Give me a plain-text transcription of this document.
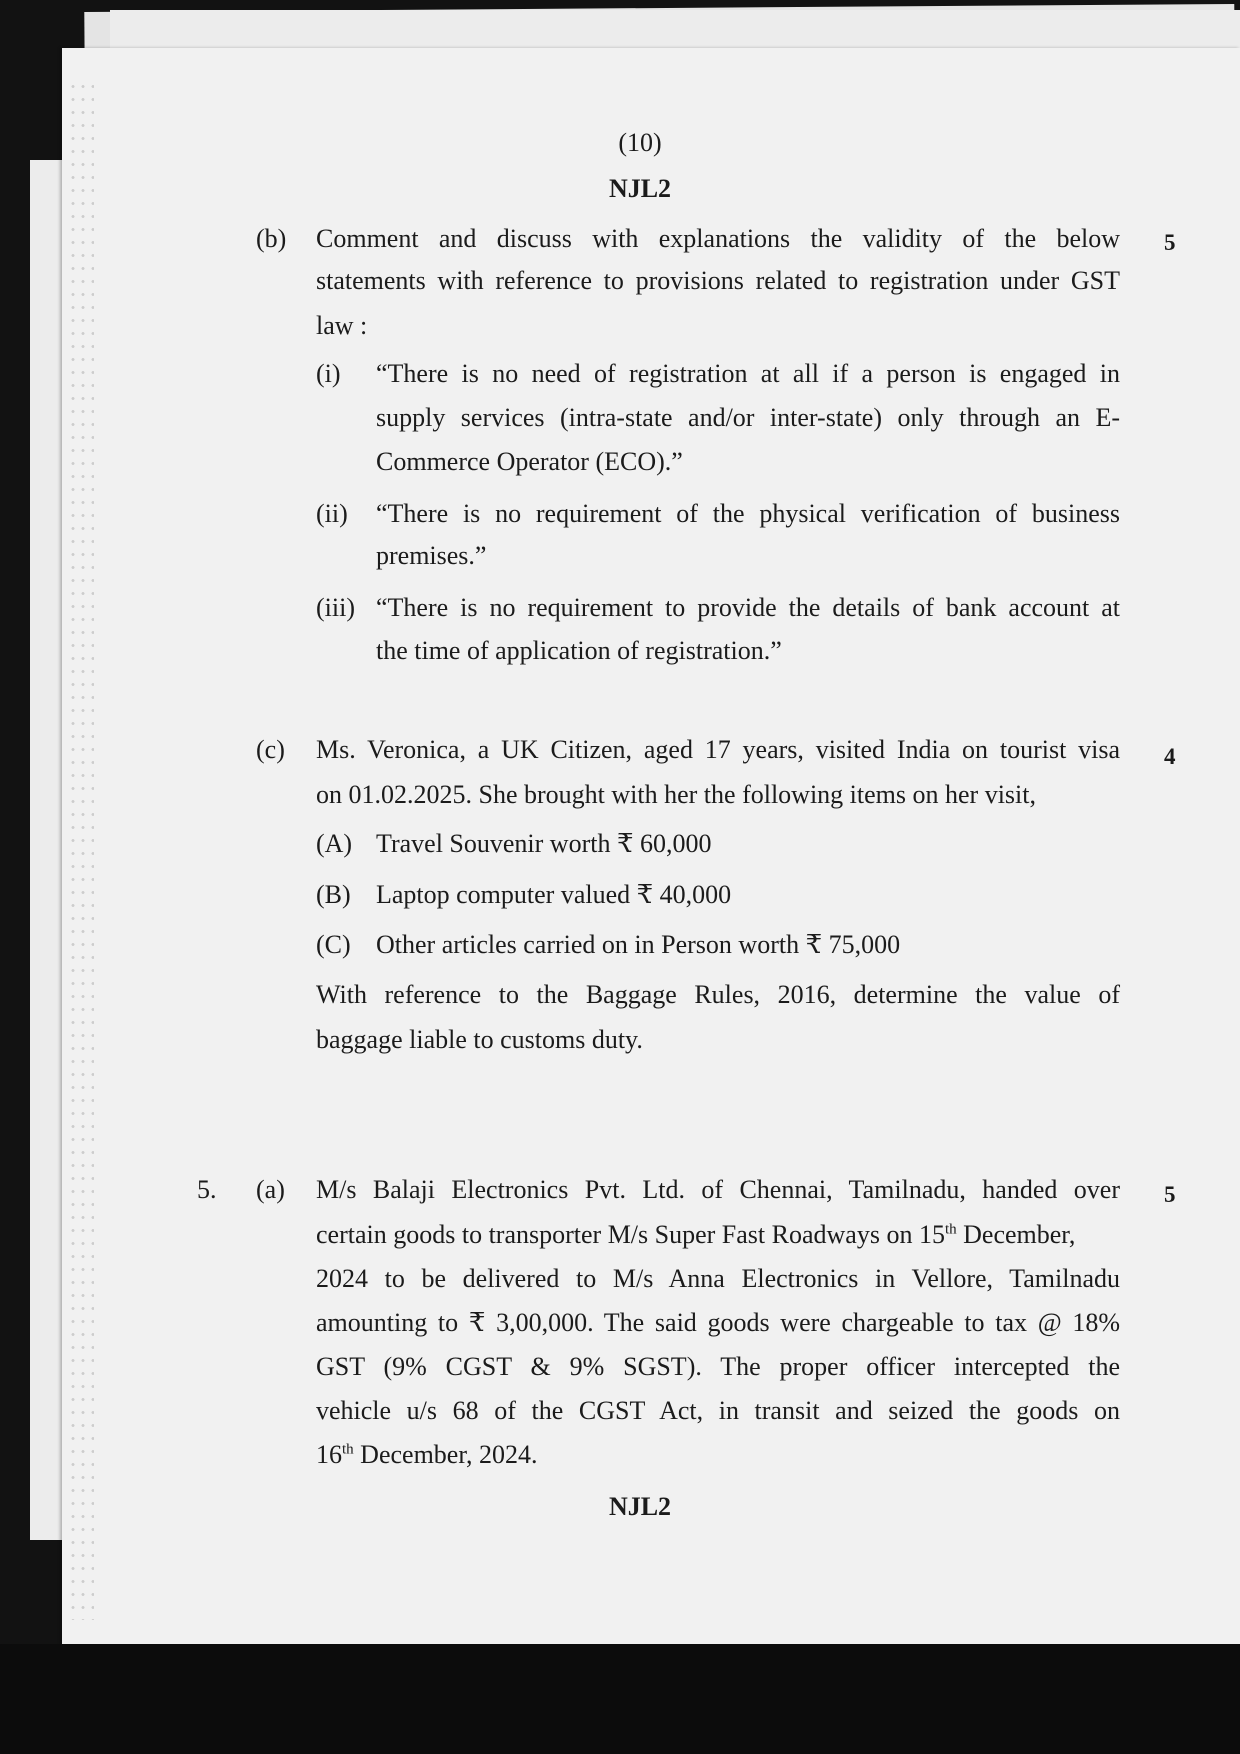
(10)
NJL2
(b) Comment and discuss with explanations the validity of the below 5
statements with reference to provisions related to registration under GST
law :
(i) “There is no need of registration at all if a person is engaged in
supply services (intra-state and/or inter-state) only through an E-
Commerce Operator (ECO).”
(ii) “There is no requirement of the physical verification of business
premises.”
(iii) “There is no requirement to provide the details of bank account at
the time of application of registration.”
(c) Ms. Veronica, a UK Citizen, aged 17 years, visited India on tourist visa 4
on 01.02.2025. She brought with her the following items on her visit,
(A) Travel Souvenir worth ₹ 60,000
(B) Laptop computer valued ₹ 40,000
(C) Other articles carried on in Person worth ₹ 75,000
With reference to the Baggage Rules, 2016, determine the value of
baggage liable to customs duty.
5. (a)	5
M/s Balaji Electronics Pvt. Ltd. of Chennai, Tamilnadu, handed over
certain goods to transporter M/s Super Fast Roadways on 15th December,
2024 to be delivered to M/s Anna Electronics in Vellore, Tamilnadu
amounting to ₹ 3,00,000. The said goods were chargeable to tax @ 18%
GST (9% CGST & 9% SGST). The proper officer intercepted the
vehicle u/s 68 of the CGST Act, in transit and seized the goods on
16th December, 2024.
NJL2
